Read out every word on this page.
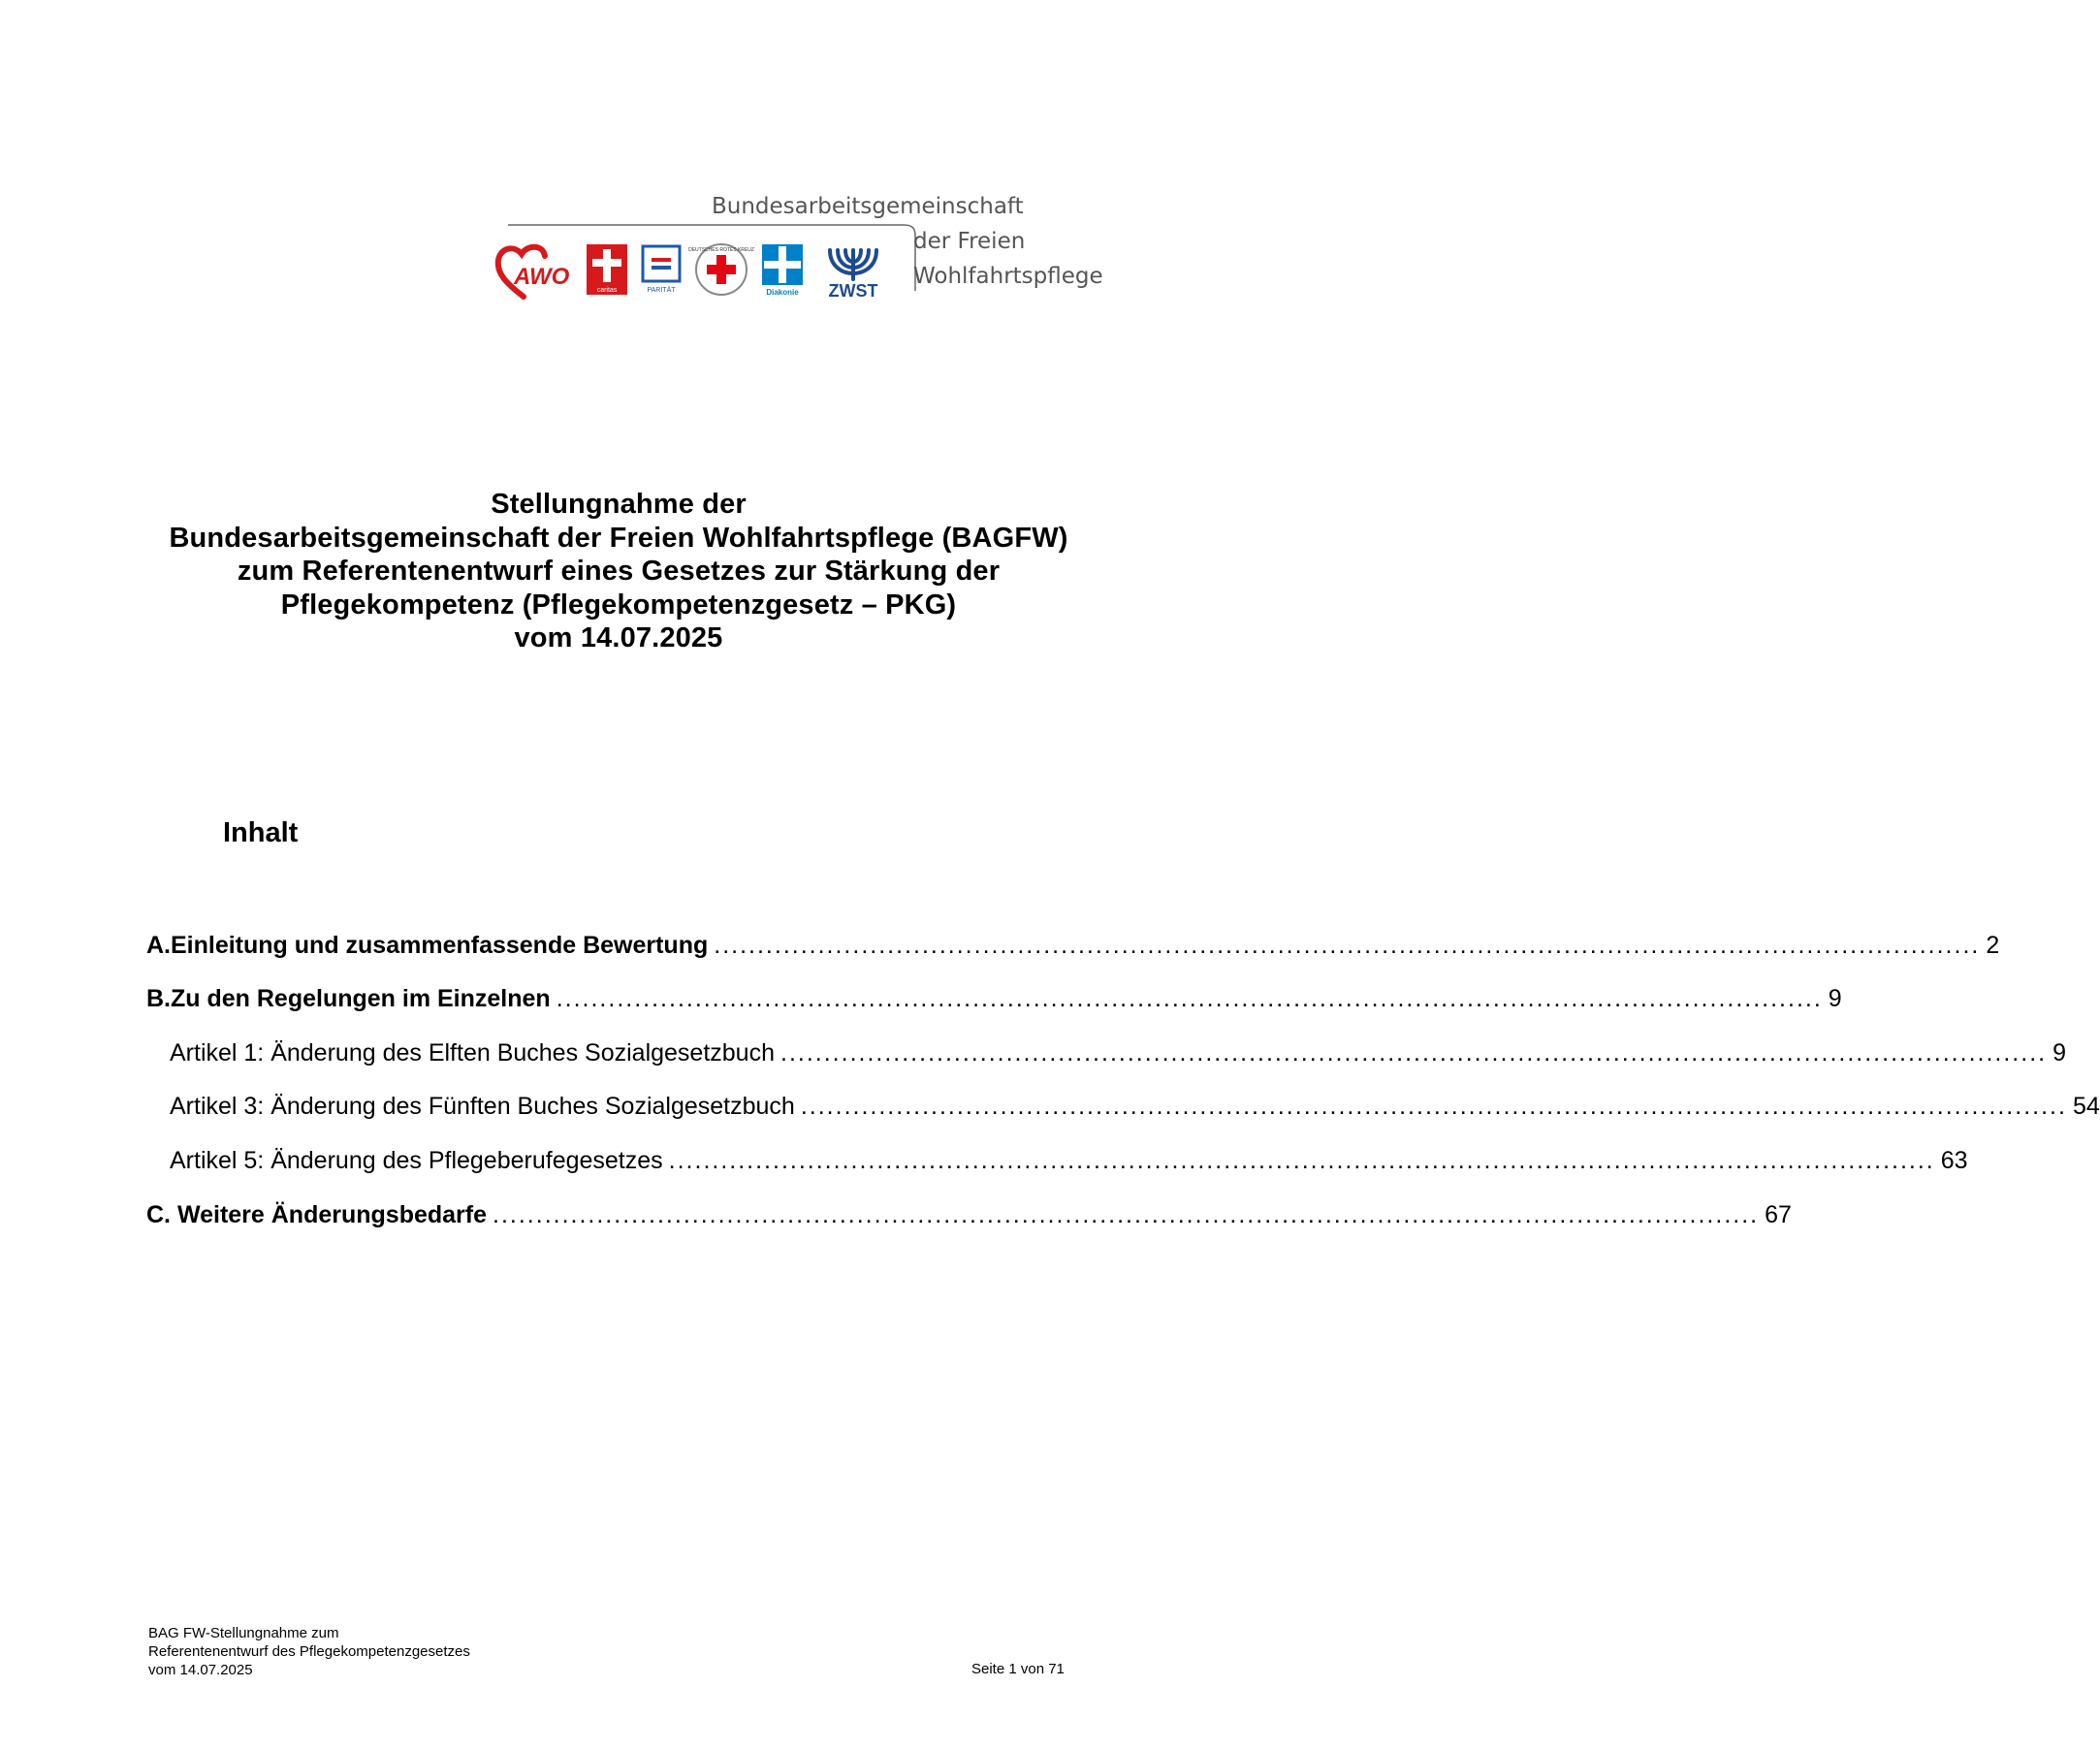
AWO
caritas	PARITÄT
DEUTSCHES ROTES KREUZ
Diakonie ZWST
Bundesarbeitsgemeinschaft
der Freien
Wohlfahrtspflege
Stellungnahme der
Bundesarbeitsgemeinschaft der Freien Wohlfahrtspflege (BAGFW)
zum Referentenentwurf eines Gesetzes zur Stärkung der
Pflegekompetenz (Pflegekompetenzgesetz – PKG)
vom 14.07.2025
Inhalt
A. Einleitung und zusammenfassende Bewertung .................................................................................................................................................. 2
B. Zu den Regelungen im Einzelnen .................................................................................................................................................. 9
Artikel 1: Änderung des Elften Buches Sozialgesetzbuch .................................................................................................................................................. 9
Artikel 3: Änderung des Fünften Buches Sozialgesetzbuch .................................................................................................................................................. 54
Artikel 5: Änderung des Pflegeberufegesetzes .................................................................................................................................................. 63
C. Weitere Änderungsbedarfe .................................................................................................................................................. 67
BAG FW-Stellungnahme zum
Referentenentwurf des Pflegekompetenzgesetzes
vom 14.07.2025	Seite 1 von 71
